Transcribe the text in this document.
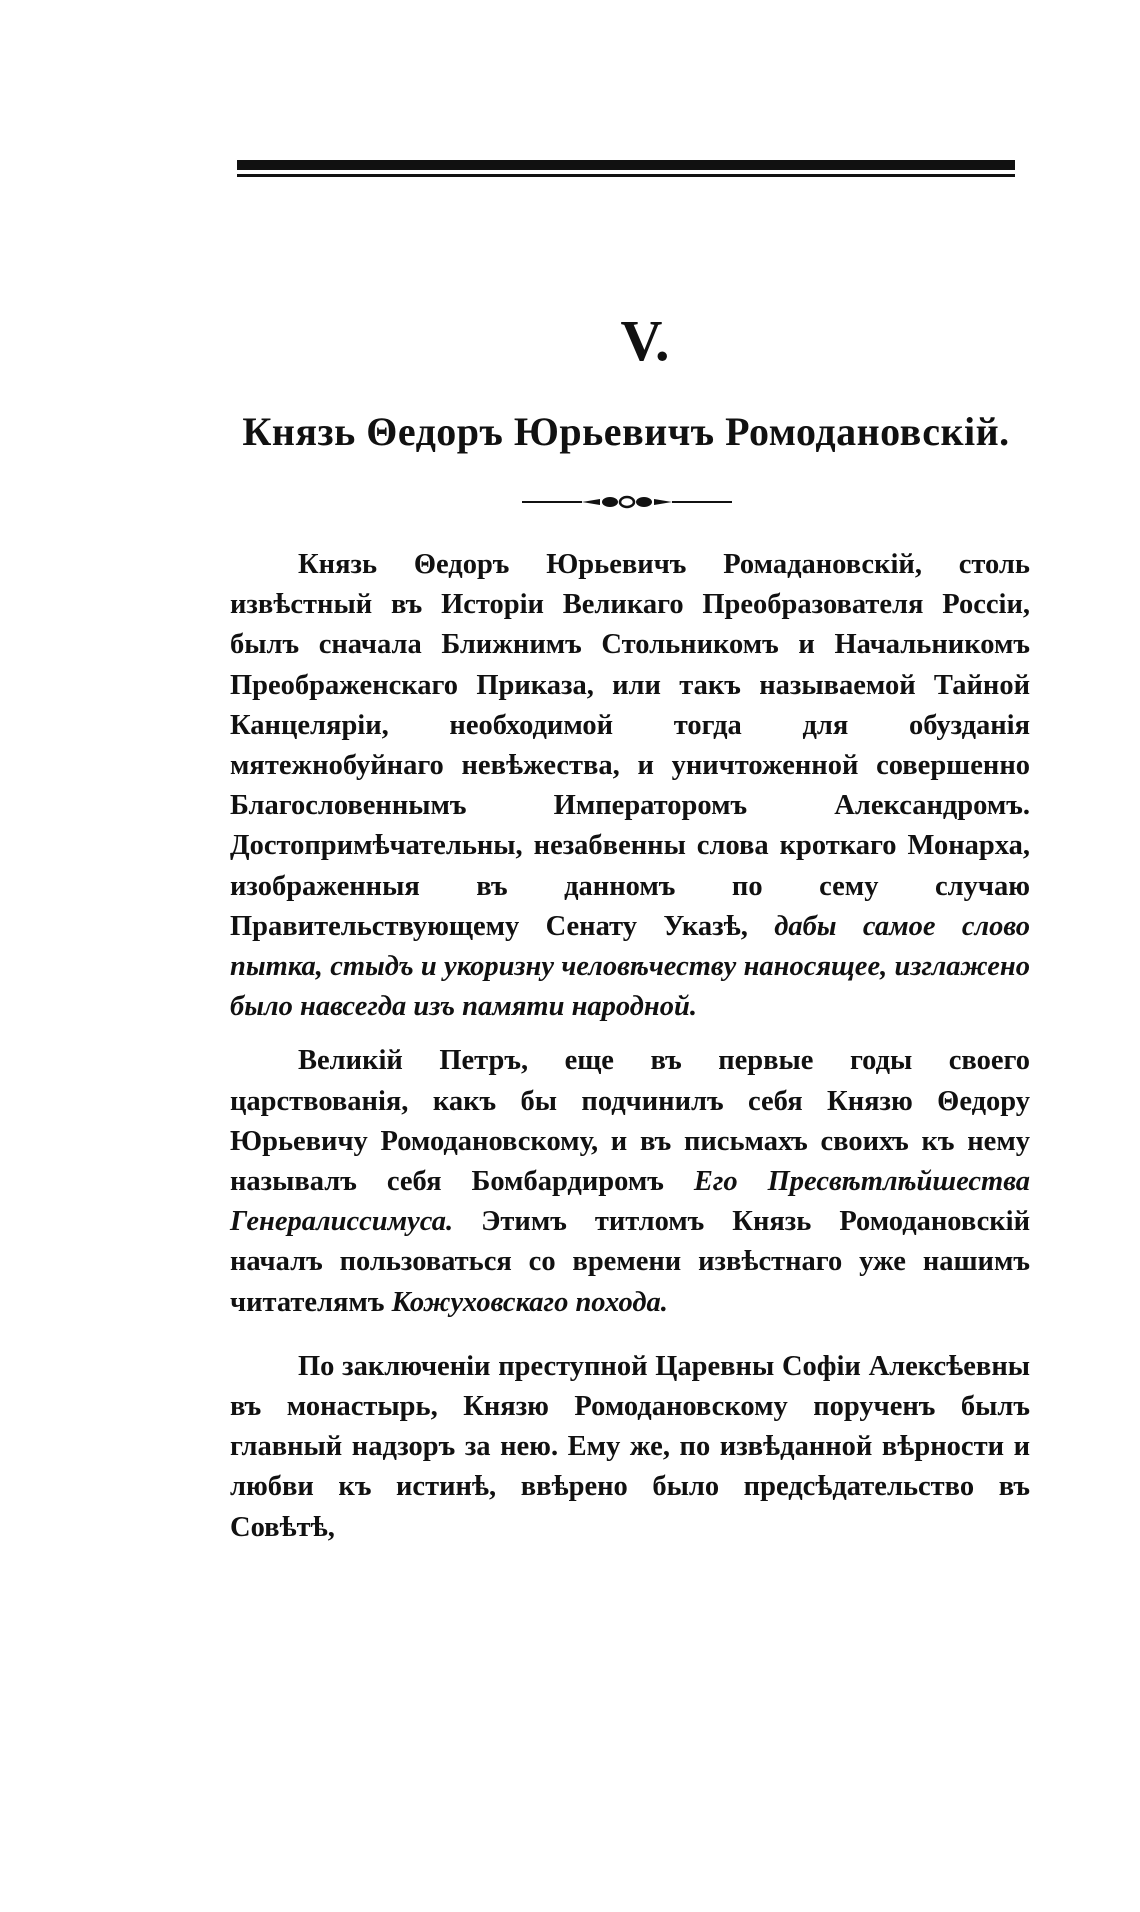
V.
Князь Θедоръ Юрьевичъ Ромодановскій.

Князь Θедоръ Юрьевичъ Ромадановскій, столь извѣстный въ Исторіи Великаго Преобразователя Россіи, былъ сначала Ближнимъ Стольникомъ и Начальникомъ Преображенскаго Приказа, или такъ называемой Тайной Канцеляріи, необходимой тогда для обузданія мятежнобуйнаго невѣжества, и уничтоженной совершенно Благословеннымъ Императоромъ Александромъ. Достопримѣчательны, незабвенны слова кроткаго Монарха, изображенныя въ данномъ по сему случаю Правительствующему Сенату Указѣ, дабы самое слово пытка, стыдъ и укоризну человѣчеству наносящее, изглажено было навсегда изъ памяти народной.

Великій Петръ, еще въ первые годы своего царствованія, какъ бы подчинилъ себя Князю Θедору Юрьевичу Ромодановскому, и въ письмахъ своихъ къ нему называлъ себя Бомбардиромъ Его Пресвѣтлѣйшества Генералиссимуса. Этимъ титломъ Князь Ромодановскій началъ пользоваться со времени извѣстнаго уже нашимъ читателямъ Кожуховскаго похода.

По заключеніи преступной Царевны Софіи Алексѣевны въ монастырь, Князю Ромодановскому порученъ былъ главный надзоръ за нею. Ему же, по извѣданной вѣрности и любви къ истинѣ, ввѣрено было предсѣдательство въ Совѣтѣ,
